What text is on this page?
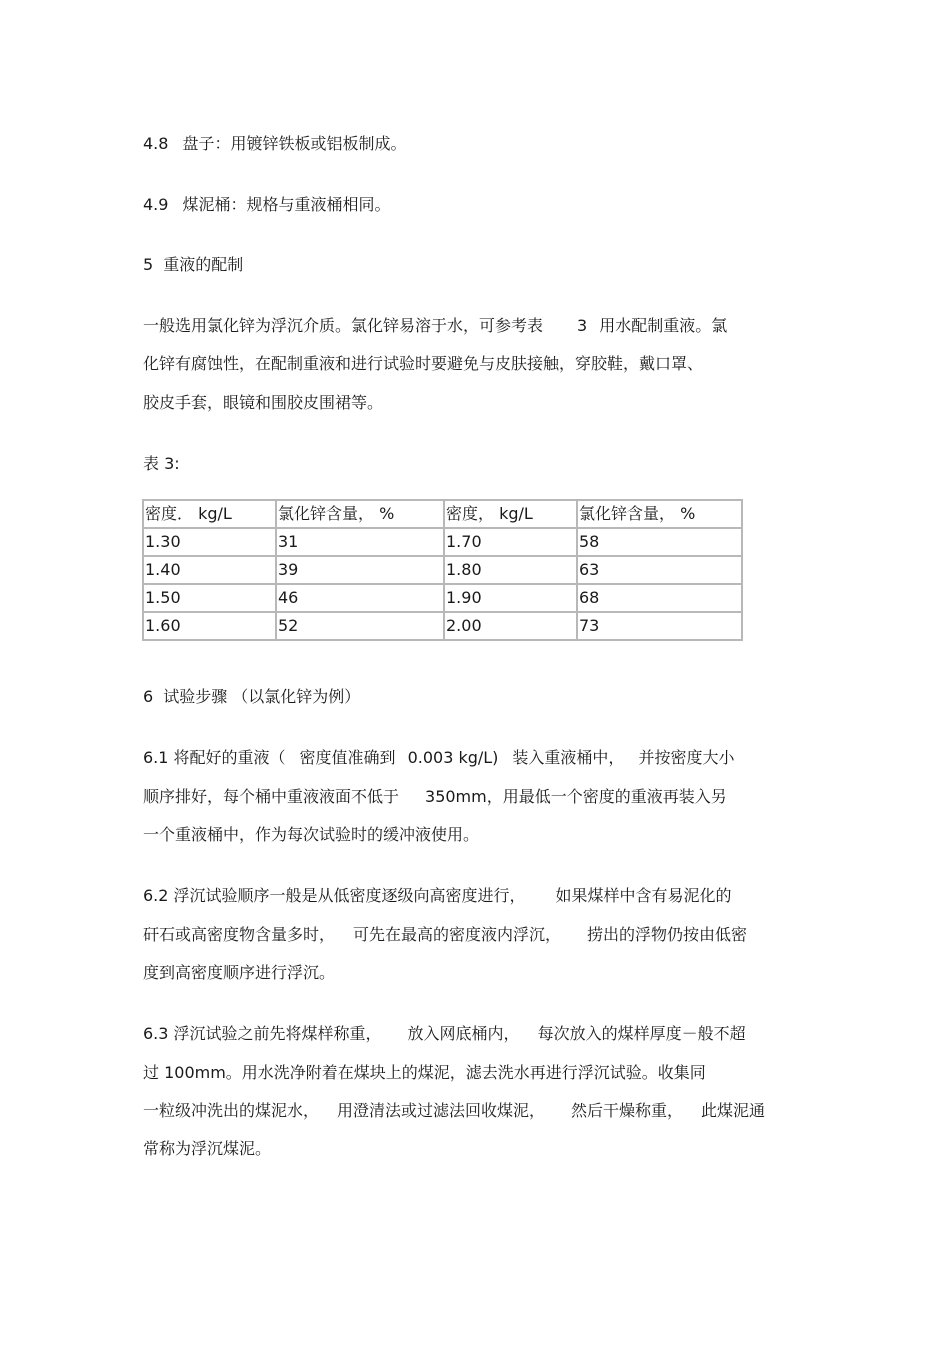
4.8 盘子：用镀锌铁板或铝板制成。
4.9 煤泥桶：规格与重液桶相同。
5 重液的配制
一般选用氯化锌为浮沉介质。氯化锌易溶于水，可参考表 3 用水配制重液。氯
化锌有腐蚀性，在配制重液和进行试验时要避免与皮肤接触，穿胶鞋，戴口罩、
胶皮手套，眼镜和围胶皮围裙等。
表 3:
密度． kg/L	氯化锌含量， %	密度， kg/L	氯化锌含量， %
1.30	31	1.70	58
1.40	39	1.80	63
1.50	46	1.90	68
1.60	52	2.00	73
6 试验步骤 （以氯化锌为例）
6.1 将配好的重液（ 密度值准确到 0.003 kg/L) 装入重液桶中， 并按密度大小
顺序排好，每个桶中重液液面不低于 350mm，用最低一个密度的重液再装入另
一个重液桶中，作为每次试验时的缓冲液使用。
6.2 浮沉试验顺序一般是从低密度逐级向高密度进行， 如果煤样中含有易泥化的
矸石或高密度物含量多时， 可先在最高的密度液内浮沉， 捞出的浮物仍按由低密
度到高密度顺序进行浮沉。
6.3 浮沉试验之前先将煤样称重， 放入网底桶内， 每次放入的煤样厚度－般不超
过 100mm。用水洗净附着在煤块上的煤泥，滤去洗水再进行浮沉试验。收集同
一粒级冲洗出的煤泥水， 用澄清法或过滤法回收煤泥， 然后干燥称重， 此煤泥通
常称为浮沉煤泥。
